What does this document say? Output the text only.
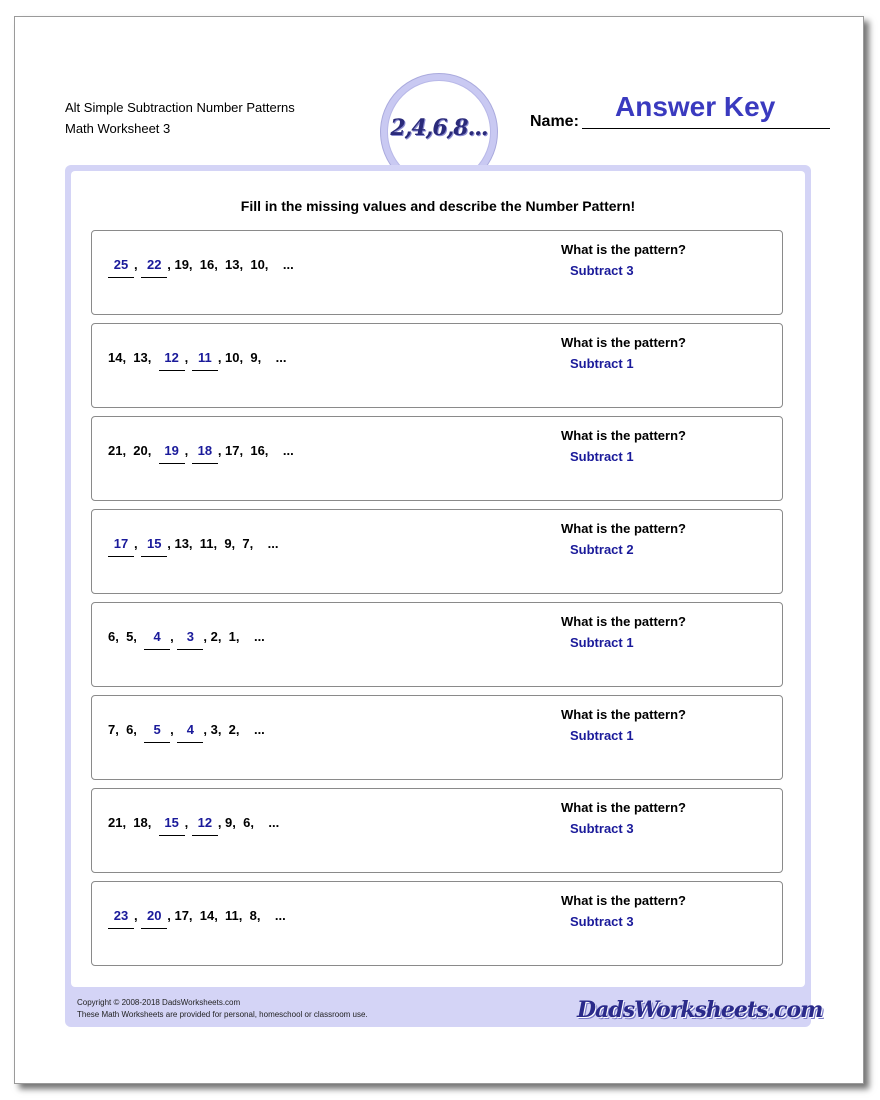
Alt Simple Subtraction Number Patterns
Math Worksheet 3	2,4,6,8...	Name: Answer Key
Fill in the missing values and describe the Number Pattern!
25 , 22 , 19,  16,  13,  10,    ...
What is the pattern?
Subtract 3
14,  13,  12 , 11 , 10,  9,    ...
What is the pattern?
Subtract 1
21,  20,  19 , 18 , 17,  16,    ...
What is the pattern?
Subtract 1
17 , 15 , 13,  11,  9,  7,    ...
What is the pattern?
Subtract 2
6,  5,  4 , 3 , 2,  1,    ...
What is the pattern?
Subtract 1
7,  6,  5 , 4 , 3,  2,    ...
What is the pattern?
Subtract 1
21,  18,  15 , 12 , 9,  6,    ...
What is the pattern?
Subtract 3
23 , 20 , 17,  14,  11,  8,    ...
What is the pattern?
Subtract 3
Copyright © 2008-2018 DadsWorksheets.com
These Math Worksheets are provided for personal, homeschool or classroom use.	DadsWorksheets.com
